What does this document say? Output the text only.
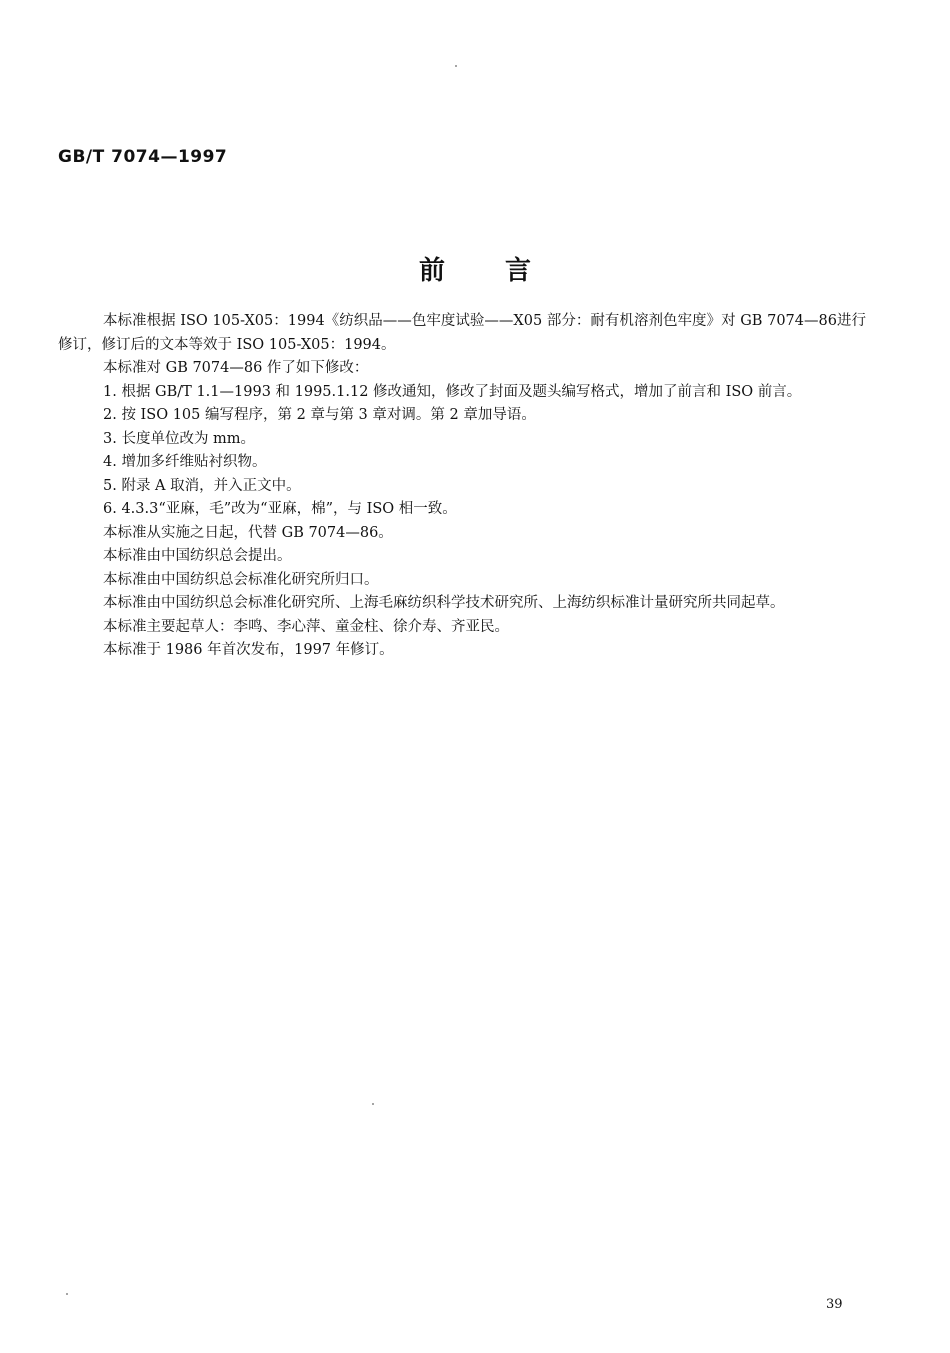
GB/T 7074—1997
前言

本标准根据 ISO 105-X05：1994《纺织品——色牢度试验——X05 部分：耐有机溶剂色牢度》对 GB 7074—86进行修订，修订后的文本等效于 ISO 105-X05：1994。

本标准对 GB 7074—86 作了如下修改：

1. 根据 GB/T 1.1—1993 和 1995.1.12 修改通知，修改了封面及题头编写格式，增加了前言和 ISO 前言。

2. 按 ISO 105 编写程序，第 2 章与第 3 章对调。第 2 章加导语。

3. 长度单位改为 mm。

4. 增加多纤维贴衬织物。

5. 附录 A 取消，并入正文中。

6. 4.3.3“亚麻，毛”改为“亚麻，棉”，与 ISO 相一致。

本标准从实施之日起，代替 GB 7074—86。

本标准由中国纺织总会提出。

本标准由中国纺织总会标准化研究所归口。

本标准由中国纺织总会标准化研究所、上海毛麻纺织科学技术研究所、上海纺织标准计量研究所共同起草。

本标准主要起草人：李鸣、李心萍、童金柱、徐介寿、齐亚民。

本标准于 1986 年首次发布，1997 年修订。

39
